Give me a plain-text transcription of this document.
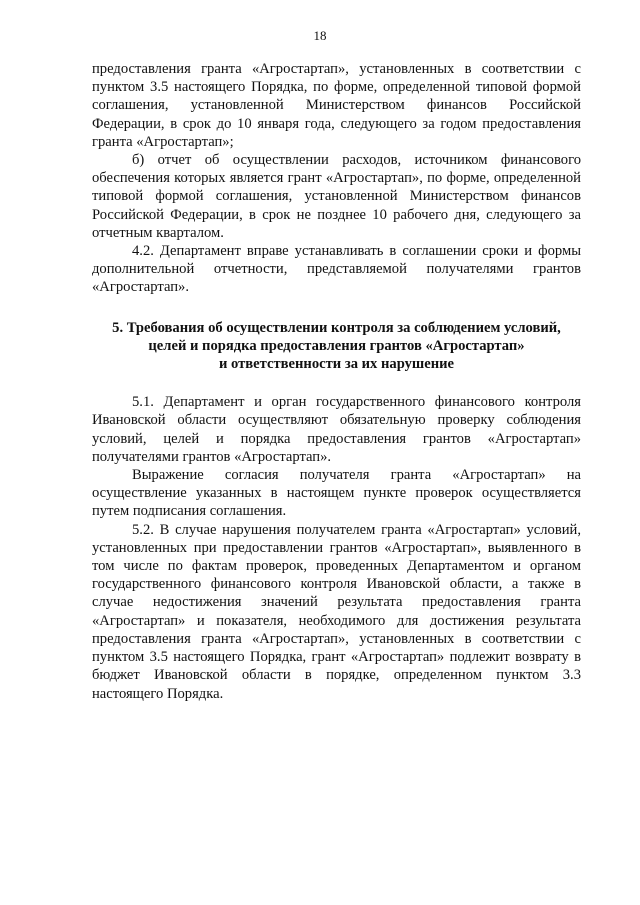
18

предоставления гранта «Агростартап», установленных в соответствии с пунктом 3.5 настоящего Порядка, по форме, определенной типовой формой соглашения, установленной Министерством финансов Российской Федерации, в срок до 10 января года, следующего за годом предоставления гранта «Агростартап»;

б) отчет об осуществлении расходов, источником финансового обеспечения которых является грант «Агростартап», по форме, определенной типовой формой соглашения, установленной Министерством финансов Российской Федерации, в срок не позднее 10 рабочего дня, следующего за отчетным кварталом.

4.2. Департамент вправе устанавливать в соглашении сроки и формы дополнительной отчетности, представляемой получателями грантов «Агростартап».

5. Требования об осуществлении контроля за соблюдением условий,
целей и порядка предоставления грантов «Агростартап»
и ответственности за их нарушение

5.1. Департамент и орган государственного финансового контроля Ивановской области осуществляют обязательную проверку соблюдения условий, целей и порядка предоставления грантов «Агростартап» получателями грантов «Агростартап».

Выражение согласия получателя гранта «Агростартап» на осуществление указанных в настоящем пункте проверок осуществляется путем подписания соглашения.

5.2. В случае нарушения получателем гранта «Агростартап» условий, установленных при предоставлении грантов «Агростартап», выявленного в том числе по фактам проверок, проведенных Департаментом и органом государственного финансового контроля Ивановской области, а также в случае недостижения значений результата предоставления гранта «Агростартап» и показателя, необходимого для достижения результата предоставления гранта «Агростартап», установленных в соответствии с пунктом 3.5 настоящего Порядка, грант «Агростартап» подлежит возврату в бюджет Ивановской области в порядке, определенном пунктом 3.3 настоящего Порядка.
